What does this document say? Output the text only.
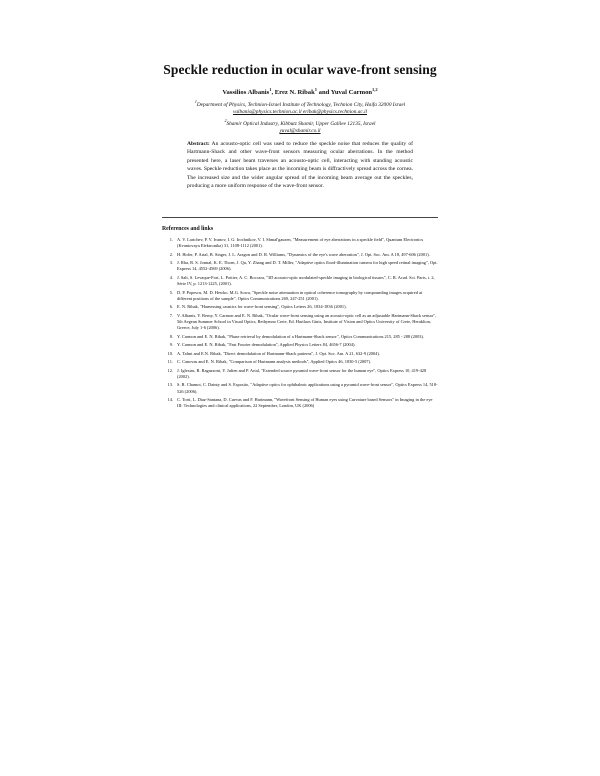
Speckle reduction in ocular wave-front sensing
Vassilios Albanis$^1$, Erez N. Ribak$^1$ and Yuval Carmon$^{1,2}$
$^1$Department of Physics, Technion-Israel Institute of Technology, Technion City, Haifa 32000 Israel
valbanis@physics.technion.ac.il eribak@physics.technion.ac.il
$^2$Shamir Optical Industry, Kibbutz Shamir, Upper Galilee 12135, Israel
yuval@shamir.co.il
Abstract: An acousto-optic cell was used to reduce the speckle noise that reduces the quality of Hartmann-Shack and other wave-front sensors measuring ocular aberrations. In the method presented here, a laser beam traverses an acousto-optic cell, interacting with standing acoustic waves. Speckle reduction takes place as the incoming beam is diffractively spread across the cornea. The increased size and the wider angular spread of the incoming beam average out the speckles, producing a more uniform response of the wave-front sensor.
References and links
1. A. V. Larichev, P. V. Ivanov, I. G. Irochnikov, V. I. Shmal'gauzen, "Measurement of eye aberrations in a speckle field", Quantum Electronics (Kvantovaya Elektronika) 31, 1108-1112 (2001).
2. H. Hofer, P. Artal, B. Singer, J. L. Aragon and D. R. Williams, "Dynamics of the eye's wave aberration", J. Opt. Soc. Am. A 18, 497-606 (2001).
3. J. Rha, R. S. Jonnal, K. E. Thorn, J. Qu, Y. Zhang and D. T. Miller, "Adaptive optics flood-illumination camera for high speed retinal imaging", Opt. Express 14, 4552-4569 (2006).
4. J. Salt, S. Levaque-Fort, L. Pottier, A. C. Boccara, "3D acousto-optic modulated-speckle imaging in biological tissues", C. R. Acad. Sci. Paris, t. 2, Série IV, p. 1213-1225, (2001).
5. D. P. Popescu, M. D. Hewko, M.G. Sowa, "Speckle noise attenuation in optical coherence tomography by compounding images acquired at different positions of the sample", Optics Communications 269, 247-251 (2001).
6. E. N. Ribak, "Harnessing caustics for wave-front sensing", Optics Letters 26, 1834-1836 (2001).
7. V. Albanis, Y. Berny, Y. Carmon and E. N. Ribak, "Ocular wave-front sensing using an acousto-optic cell as an adjustable Hartmann-Shack sensor", 5th Aegean Summer School in Visual Optics, Rethymno Crete, Ed. Harilaos Ginis, Institute of Vision and Optics University of Crete, Heraklion, Greece, July 1-6 (2006).
8. Y. Carmon and E. N. Ribak, "Phase retrieval by demodulation of a Hartmann-Shack sensor", Optics Communications 215, 285 - 288 (2003).
9. Y. Carmon and E. N. Ribak, "Fast Fourier demodulation", Applied Physics Letters 84, 4656-7 (2004).
10. A. Talmi and E.N. Ribak, "Direct demodulation of Hartmann-Shack patterns", J. Opt. Soc. Am. A 21, 632-9 (2004).
11. C. Canovas and E. N. Ribak, "Comparison of Hartmann analysis methods", Applied Optics 46, 1830-5 (2007).
12. J. Iglesias, R. Ragazzoni, Y. Julien and P. Artal, "Extended source pyramid wave-front sensor for the human eye", Optics Express 10, 419-428 (2002).
13. S. R. Chamot, C. Dainty and S. Esposito, "Adaptive optics for ophthalmic applications using a pyramid wave-front sensor", Optics Express 14, 518-526 (2006).
14. C. Torti, L. Diaz-Santana, D. Cuevas and F. Hartmann, "Wavefront Sensing of Human eyes using Curvature based Sensors" in Imaging in the eye III: Technologies and clinical applications, 22 September, London, UK (2006)
